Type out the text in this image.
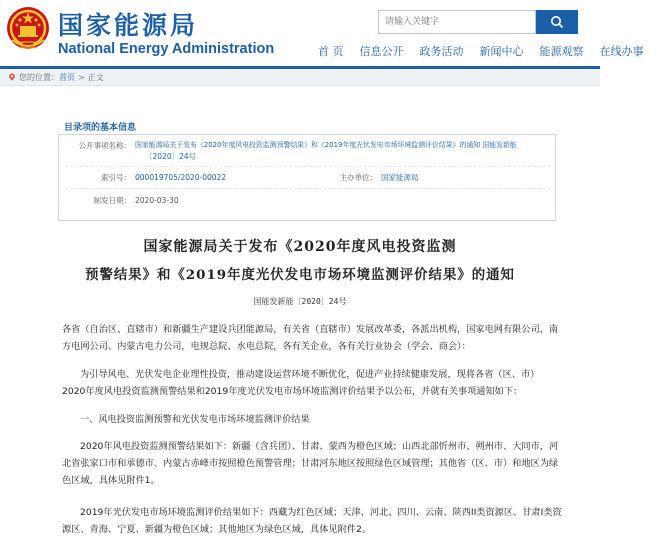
国家能源局
National Energy Administration
请输入关键字	首 页 信息公开 政务活动 新闻中心 能源观察 在线办事
您的位置： 首页 > 正文
目录项的基本信息
公开事项名称： 国家能源局关于发布《2020年度风电投资监测预警结果》和《2019年度光伏发电市场环境监测评价结果》的通知 国能发新能
〔2020〕24号
索引号： 000019705/2020-00022	主办单位： 国家能源局
制发日期： 2020-03-30
国家能源局关于发布《2020年度风电投资监测
预警结果》和《2019年度光伏发电市场环境监测评价结果》的通知
国能发新能〔2020〕24号
各省（自治区、直辖市）和新疆生产建设兵团能源局，有关省（直辖市）发展改革委，各派出机构，国家电网有限公司，南方电网公司、内蒙古电力公司，电规总院、水电总院，各有关企业，各有关行业协会（学会、商会）：
为引导风电、光伏发电企业理性投资，推动建设运营环境不断优化，促进产业持续健康发展，现将各省（区、市）2020年度风电投资监测预警结果和2019年度光伏发电市场环境监测评价结果予以公布，并就有关事项通知如下：
一、风电投资监测预警和光伏发电市场环境监测评价结果
2020年风电投资监测预警结果如下：新疆（含兵团）、甘肃、蒙西为橙色区域；山西北部忻州市、朔州市、大同市，河北省张家口市和承德市、内蒙古赤峰市按照橙色预警管理；甘肃河东地区按照绿色区域管理；其他省（区、市）和地区为绿色区域，具体见附件1。
2019年光伏发电市场环境监测评价结果如下：西藏为红色区域；天津、河北、四川、云南、陕西II类资源区、甘肃I类资源区、青海、宁夏、新疆为橙色区域；其他地区为绿色区域，具体见附件2。
